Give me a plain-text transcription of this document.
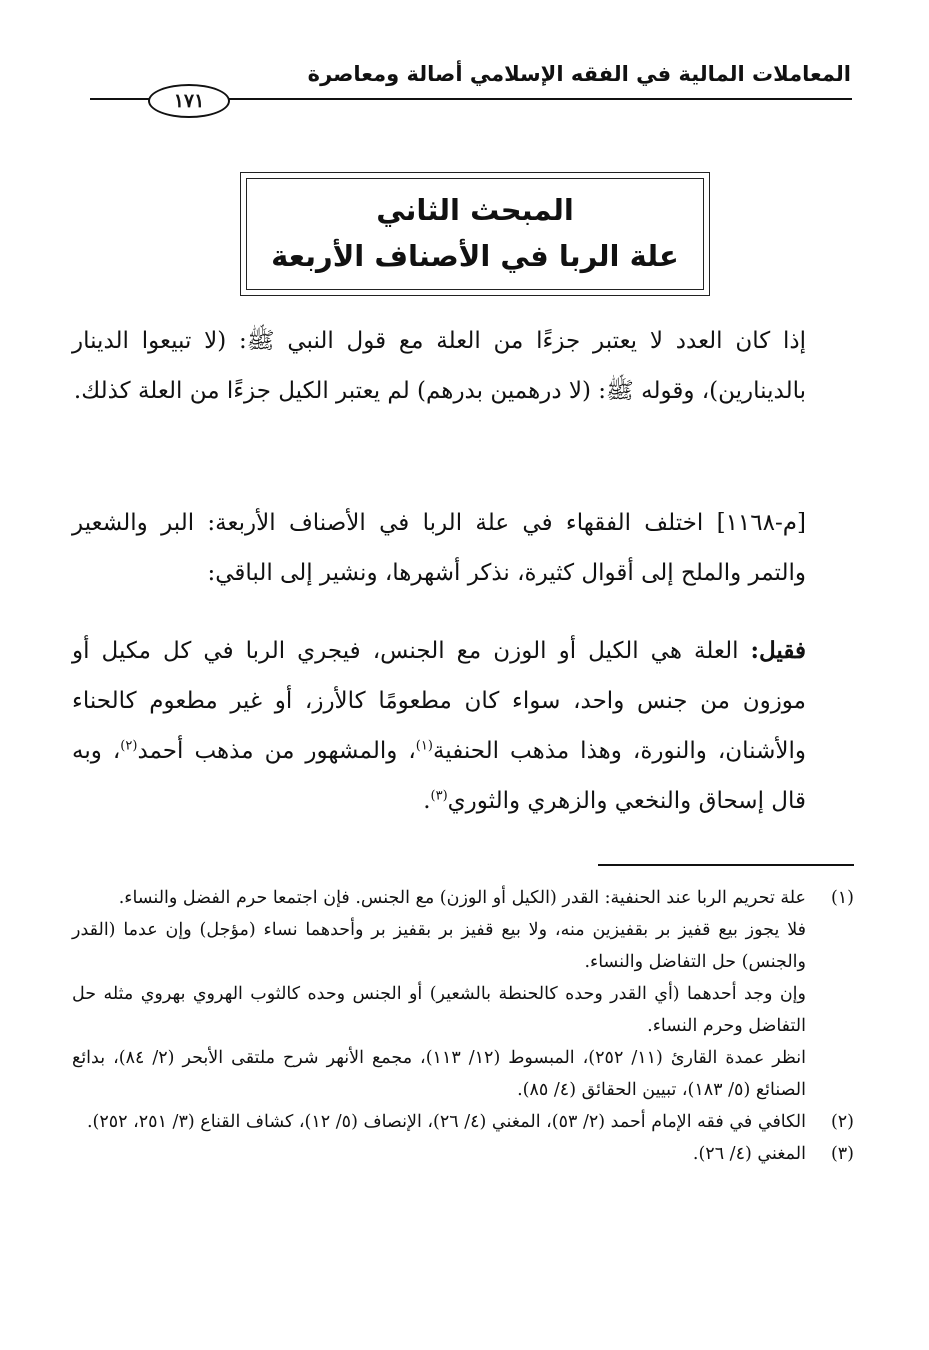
المعاملات المالية في الفقه الإسلامي أصالة ومعاصرة
١٧١
المبحث الثاني
علة الربا في الأصناف الأربعة

إذا كان العدد لا يعتبر جزءًا من العلة مع قول النبي ﷺ: (لا تبيعوا الدينار بالدينارين)، وقوله ﷺ: (لا درهمين بدرهم) لم يعتبر الكيل جزءًا من العلة كذلك.

[م-١١٦٨] اختلف الفقهاء في علة الربا في الأصناف الأربعة: البر والشعير والتمر والملح إلى أقوال كثيرة، نذكر أشهرها، ونشير إلى الباقي:

فقيل: العلة هي الكيل أو الوزن مع الجنس، فيجري الربا في كل مكيل أو موزون من جنس واحد، سواء كان مطعومًا كالأرز، أو غير مطعوم كالحناء والأشنان، والنورة، وهذا مذهب الحنفية$^{(١)}$، والمشهور من مذهب أحمد$^{(٢)}$، وبه قال إسحاق والنخعي والزهري والثوري$^{(٣)}$.

(١)
علة تحريم الربا عند الحنفية: القدر (الكيل أو الوزن) مع الجنس. فإن اجتمعا حرم الفضل والنساء.
فلا يجوز بيع قفيز بر بقفيزين منه، ولا بيع قفيز بر بقفيز بر وأحدهما نساء (مؤجل) وإن عدما (القدر والجنس) حل التفاضل والنساء.
وإن وجد أحدهما (أي القدر وحده كالحنطة بالشعير) أو الجنس وحده كالثوب الهروي بهروي مثله حل التفاضل وحرم النساء.
انظر عمدة القارئ (١١/ ٢٥٢)، المبسوط (١٢/ ١١٣)، مجمع الأنهر شرح ملتقى الأبحر (٢/ ٨٤)، بدائع الصنائع (٥/ ١٨٣)، تبيين الحقائق (٤/ ٨٥).
(٢)
الكافي في فقه الإمام أحمد (٢/ ٥٣)، المغني (٤/ ٢٦)، الإنصاف (٥/ ١٢)، كشاف القناع (٣/ ٢٥١، ٢٥٢).
(٣)
المغني (٤/ ٢٦).
